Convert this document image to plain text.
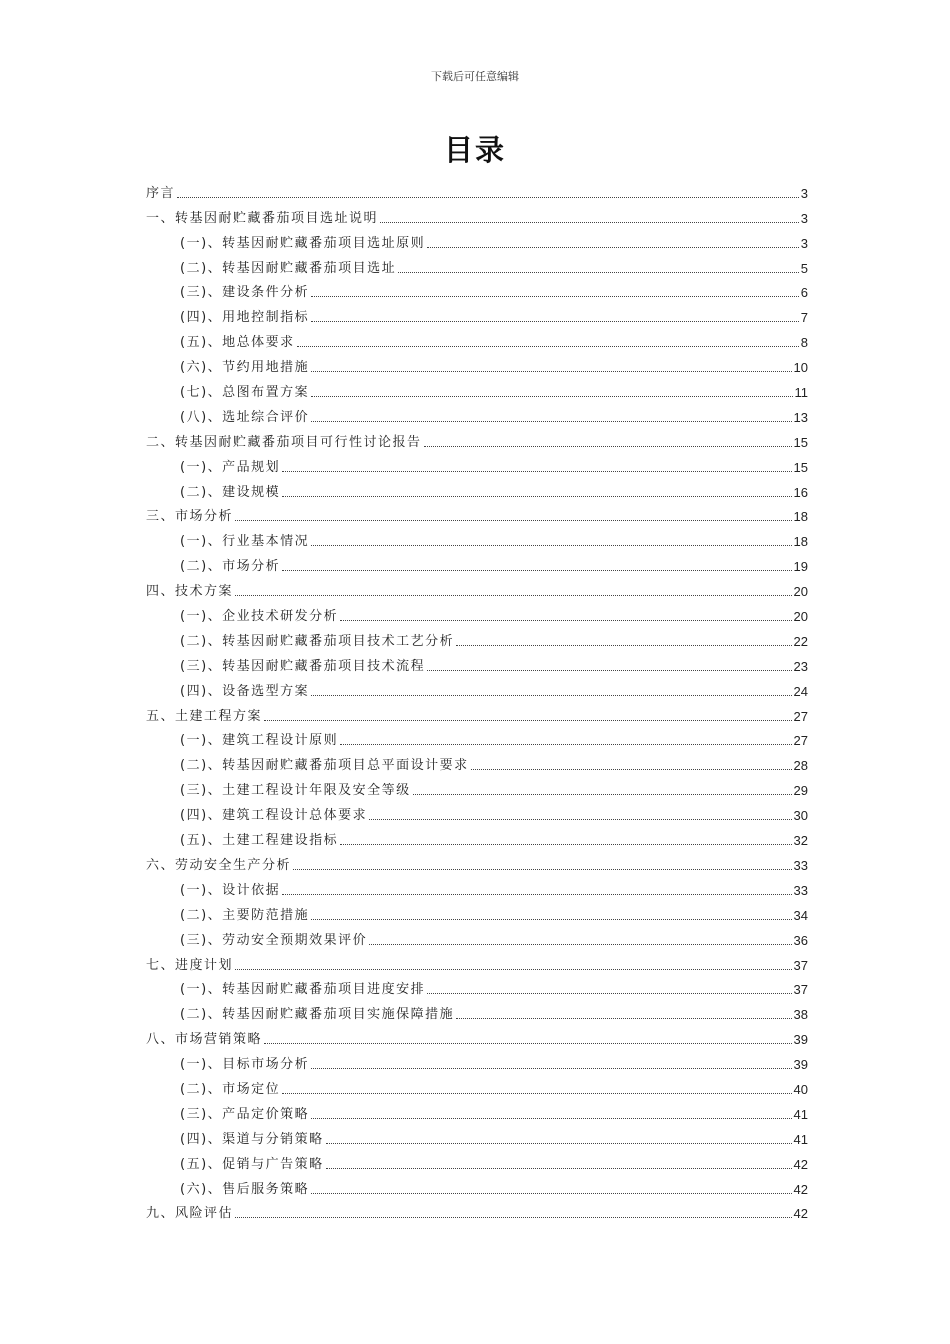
下载后可任意编辑
目录
序言	3
一、转基因耐贮藏番茄项目选址说明	3
(一)、转基因耐贮藏番茄项目选址原则	3
(二)、转基因耐贮藏番茄项目选址	5
(三)、建设条件分析	6
(四)、用地控制指标	7
(五)、地总体要求	8
(六)、节约用地措施	10
(七)、总图布置方案	11
(八)、选址综合评价	13
二、转基因耐贮藏番茄项目可行性讨论报告	15
(一)、产品规划	15
(二)、建设规模	16
三、市场分析	18
(一)、行业基本情况	18
(二)、市场分析	19
四、技术方案	20
(一)、企业技术研发分析	20
(二)、转基因耐贮藏番茄项目技术工艺分析	22
(三)、转基因耐贮藏番茄项目技术流程	23
(四)、设备选型方案	24
五、土建工程方案	27
(一)、建筑工程设计原则	27
(二)、转基因耐贮藏番茄项目总平面设计要求	28
(三)、土建工程设计年限及安全等级	29
(四)、建筑工程设计总体要求	30
(五)、土建工程建设指标	32
六、劳动安全生产分析	33
(一)、设计依据	33
(二)、主要防范措施	34
(三)、劳动安全预期效果评价	36
七、进度计划	37
(一)、转基因耐贮藏番茄项目进度安排	37
(二)、转基因耐贮藏番茄项目实施保障措施	38
八、市场营销策略	39
(一)、目标市场分析	39
(二)、市场定位	40
(三)、产品定价策略	41
(四)、渠道与分销策略	41
(五)、促销与广告策略	42
(六)、售后服务策略	42
九、风险评估	42
